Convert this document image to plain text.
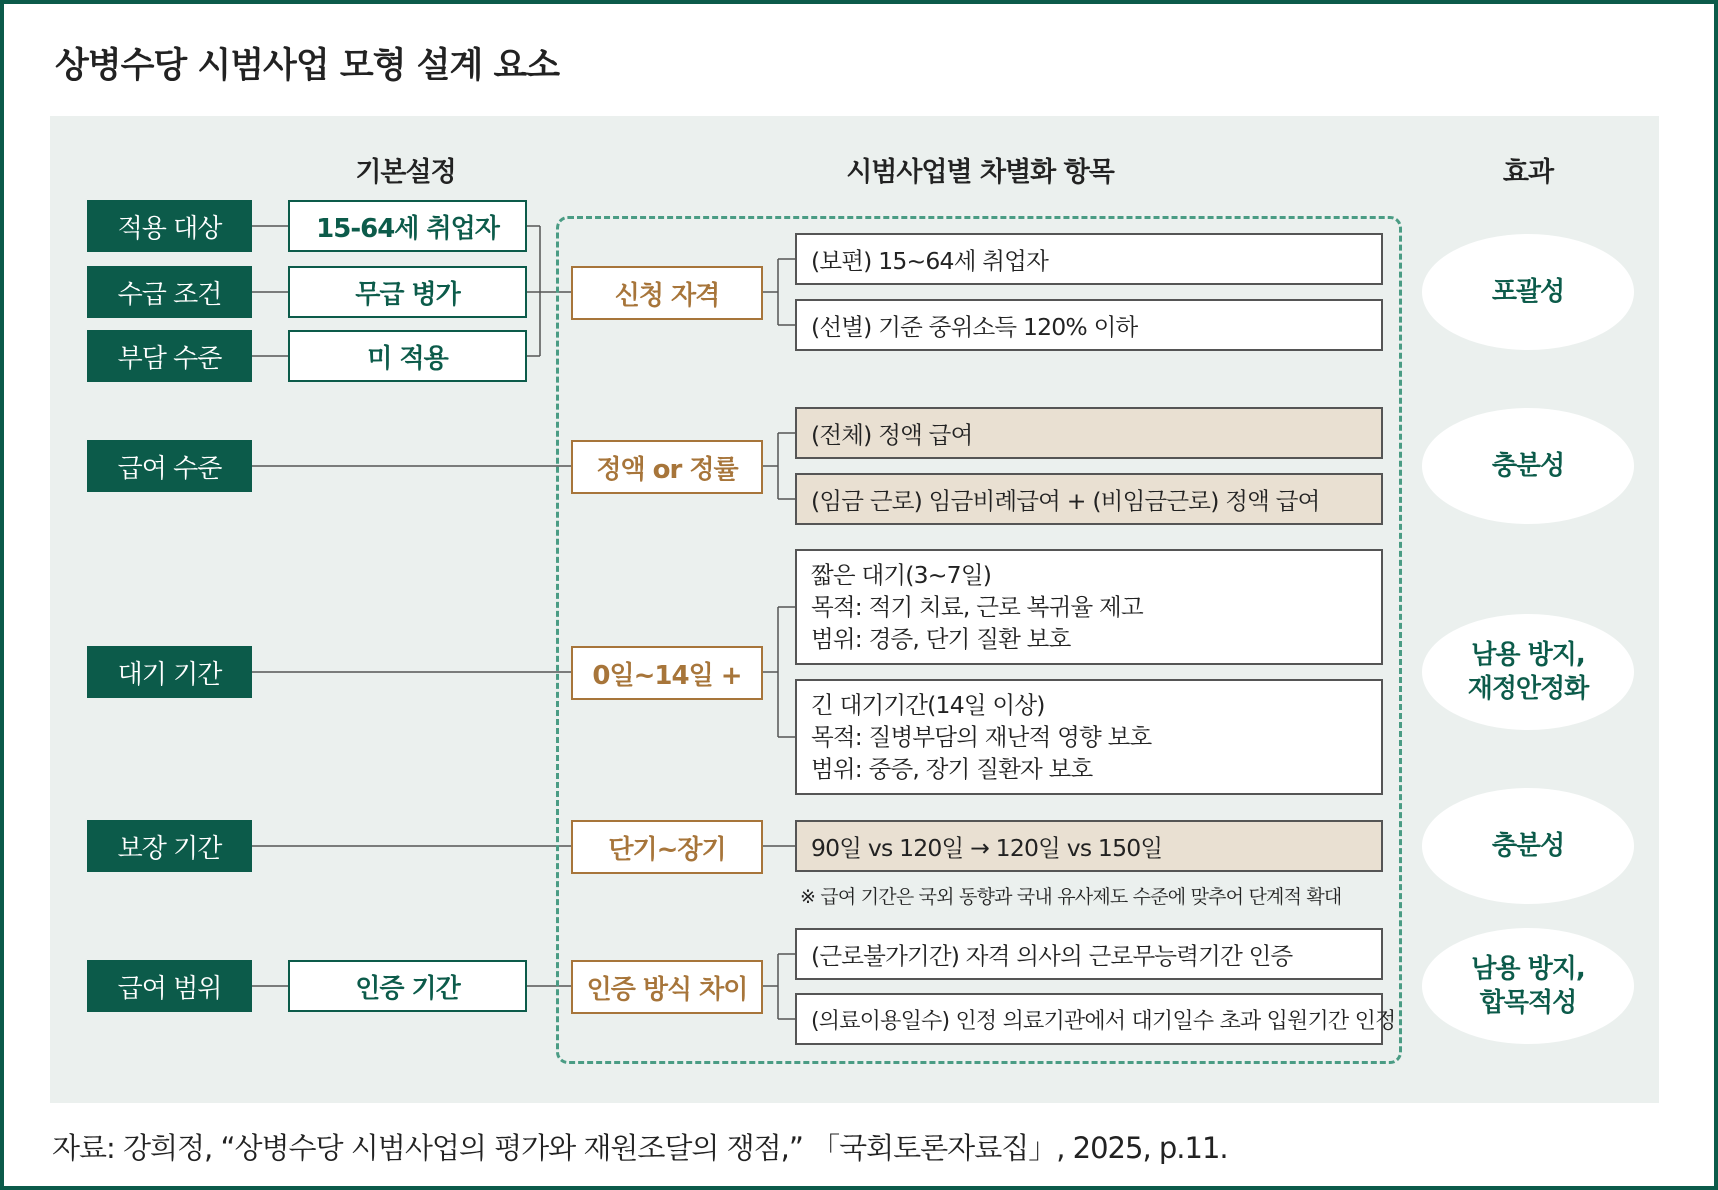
상병수당 시범사업 모형 설계 요소
기본설정	시범사업별 차별화 항목	효과
적용 대상
수급 조건
부담 수준
급여 수준
대기 기간
보장 기간
급여 범위
15-64세 취업자
무급 병가
미 적용
인증 기간
신청 자격
정액 or 정률
0일~14일 +
단기~장기
인증 방식 차이
(보편) 15~64세 취업자
(선별) 기준 중위소득 120% 이하
(전체) 정액 급여
(임금 근로) 임금비례급여 + (비임금근로) 정액 급여
짧은 대기(3~7일)
목적: 적기 치료, 근로 복귀율 제고
범위: 경증, 단기 질환 보호
긴 대기기간(14일 이상)
목적: 질병부담의 재난적 영향 보호
범위: 중증, 장기 질환자 보호
90일 vs 120일 → 120일 vs 150일
※ 급여 기간은 국외 동향과 국내 유사제도 수준에 맞추어 단계적 확대
(근로불가기간) 자격 의사의 근로무능력기간 인증
(의료이용일수) 인정 의료기관에서 대기일수 초과 입원기간 인정
포괄성
충분성
남용 방지,
재정안정화
충분성
남용 방지,
합목적성
자료: 강희정, “상병수당 시범사업의 평가와 재원조달의 쟁점,” 「국회토론자료집」, 2025, p.11.
